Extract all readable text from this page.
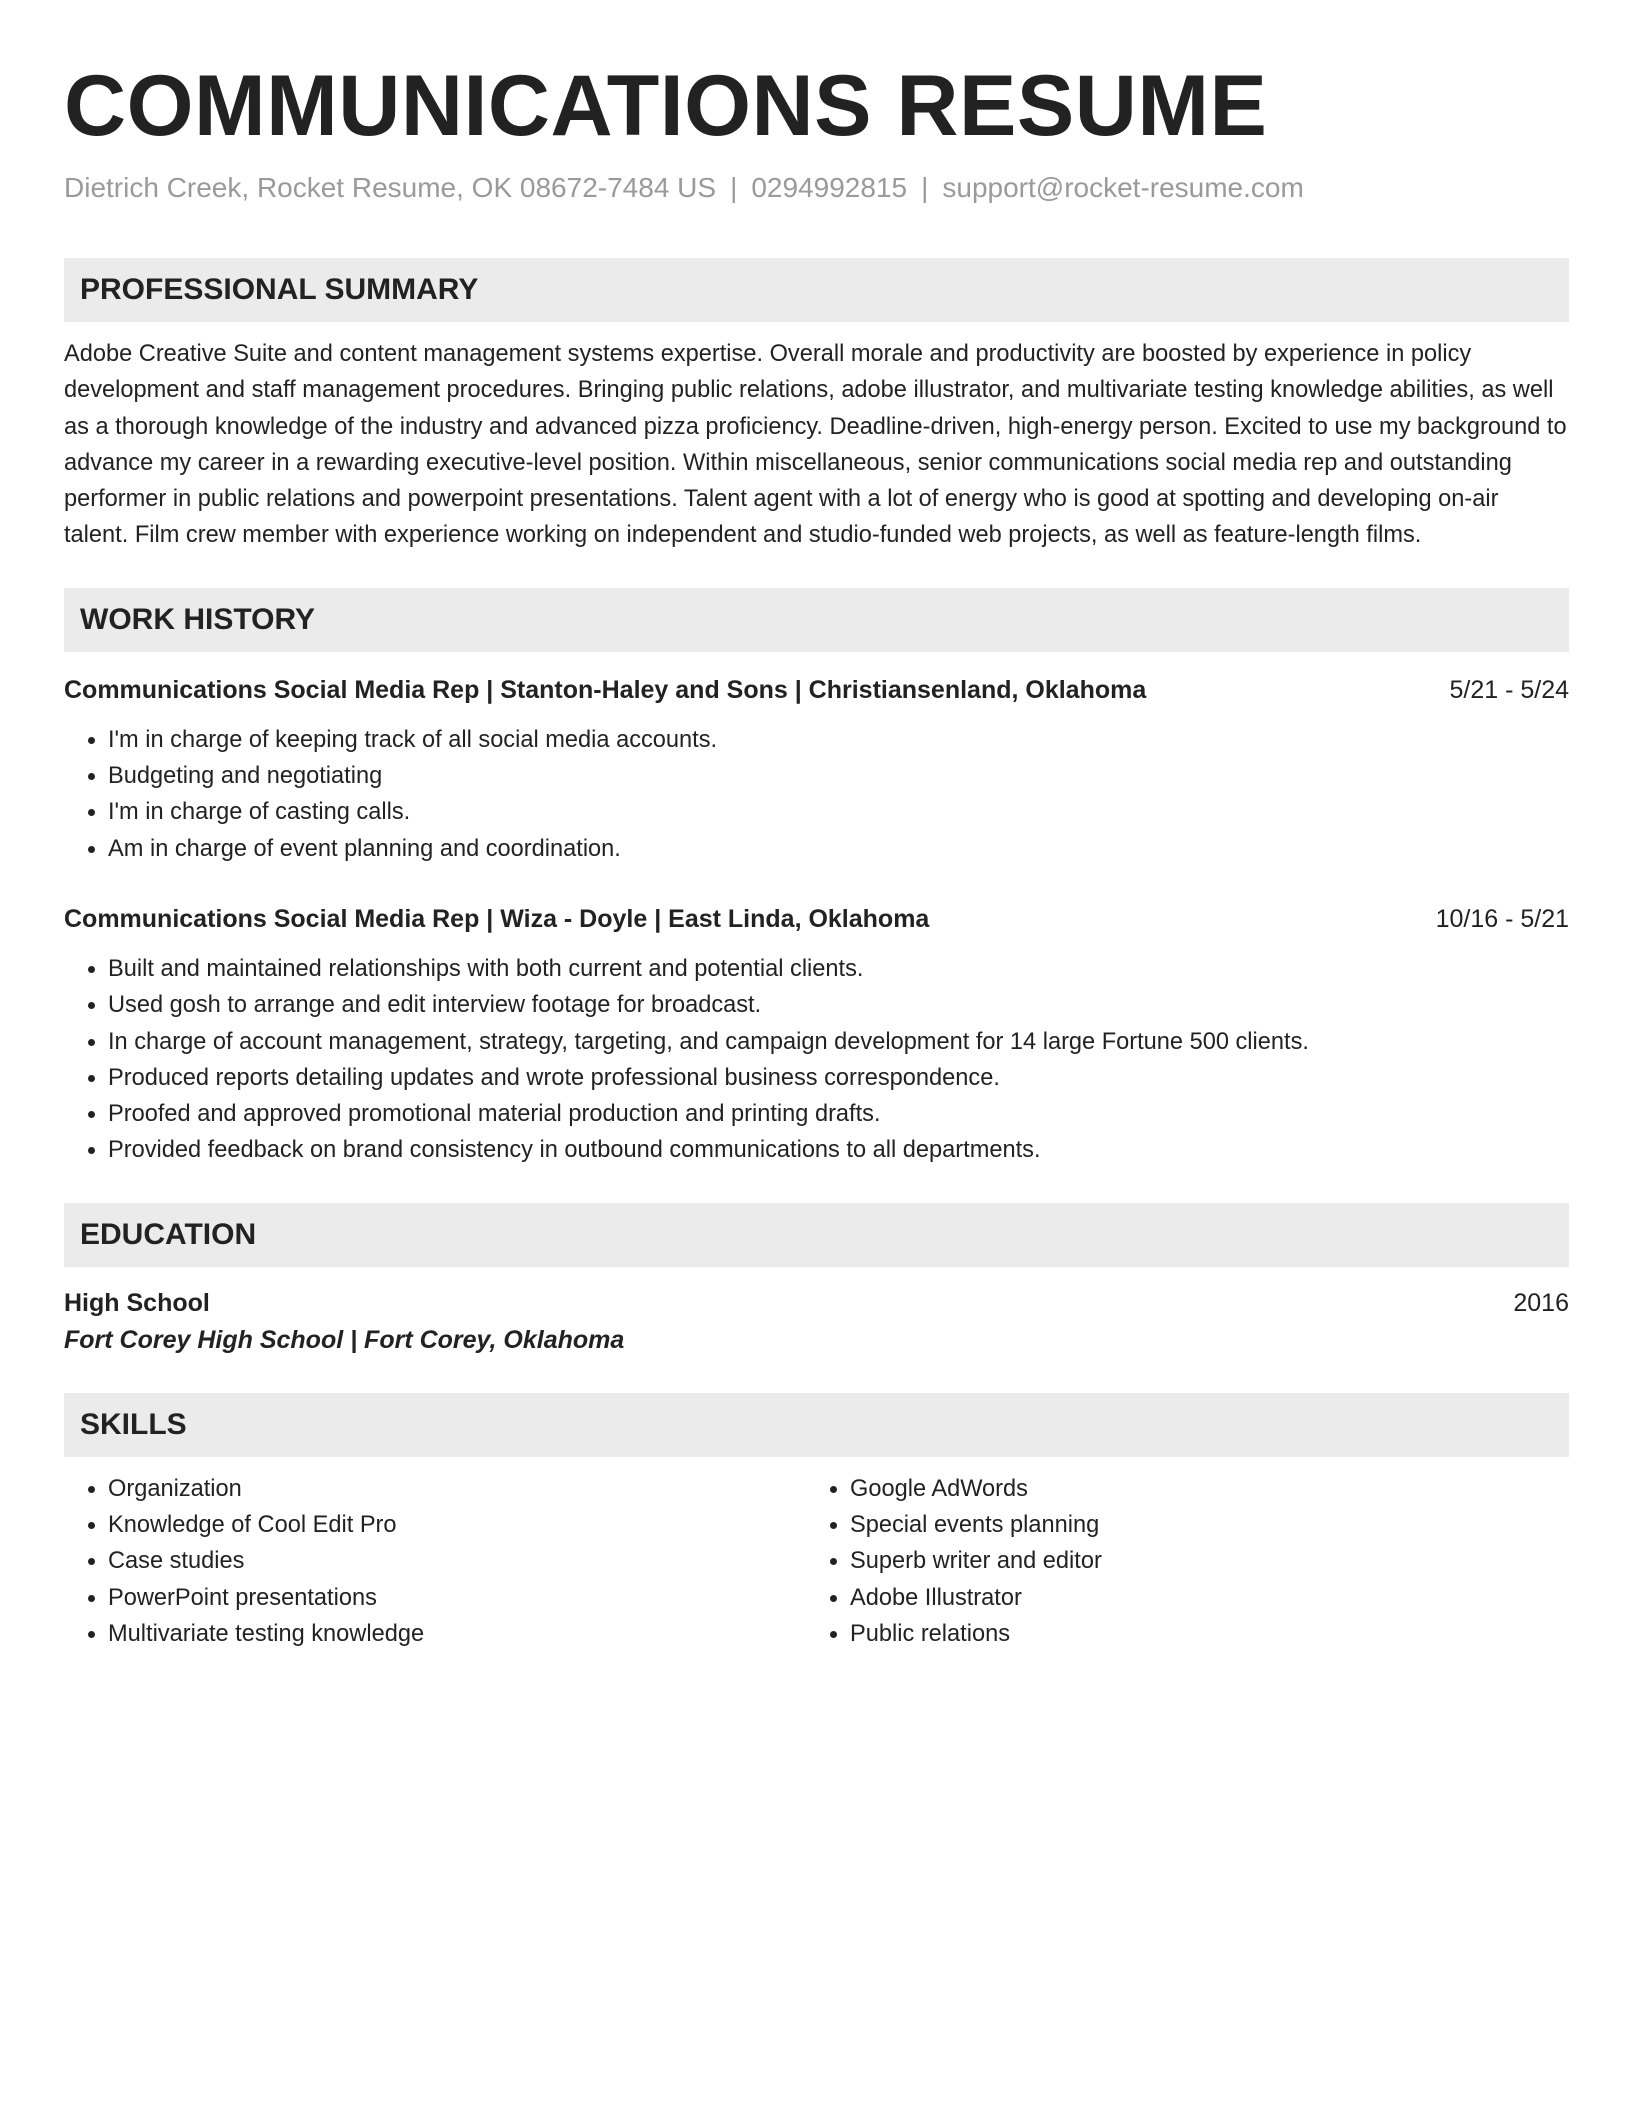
COMMUNICATIONS RESUME
Dietrich Creek, Rocket Resume, OK 08672-7484 US | 0294992815 | support@rocket-resume.com
PROFESSIONAL SUMMARY

Adobe Creative Suite and content management systems expertise. Overall morale and productivity are boosted by experience in policy development and staff management procedures. Bringing public relations, adobe illustrator, and multivariate testing knowledge abilities, as well as a thorough knowledge of the industry and advanced pizza proficiency. Deadline-driven, high-energy person. Excited to use my background to advance my career in a rewarding executive-level position. Within miscellaneous, senior communications social media rep and outstanding performer in public relations and powerpoint presentations. Talent agent with a lot of energy who is good at spotting and developing on-air talent. Film crew member with experience working on independent and studio-funded web projects, as well as feature-length films.

WORK HISTORY
Communications Social Media Rep | Stanton-Haley and Sons | Christiansenland, Oklahoma	5/21 - 5/24
• I'm in charge of keeping track of all social media accounts.
• Budgeting and negotiating
• I'm in charge of casting calls.
• Am in charge of event planning and coordination.
Communications Social Media Rep | Wiza - Doyle | East Linda, Oklahoma	10/16 - 5/21
• Built and maintained relationships with both current and potential clients.
• Used gosh to arrange and edit interview footage for broadcast.
• In charge of account management, strategy, targeting, and campaign development for 14 large Fortune 500 clients.
• Produced reports detailing updates and wrote professional business correspondence.
• Proofed and approved promotional material production and printing drafts.
• Provided feedback on brand consistency in outbound communications to all departments.
EDUCATION
High School	2016
Fort Corey High School | Fort Corey, Oklahoma
SKILLS
• Organization
• Knowledge of Cool Edit Pro
• Case studies
• PowerPoint presentations
• Multivariate testing knowledge
• Google AdWords
• Special events planning
• Superb writer and editor
• Adobe Illustrator
• Public relations
